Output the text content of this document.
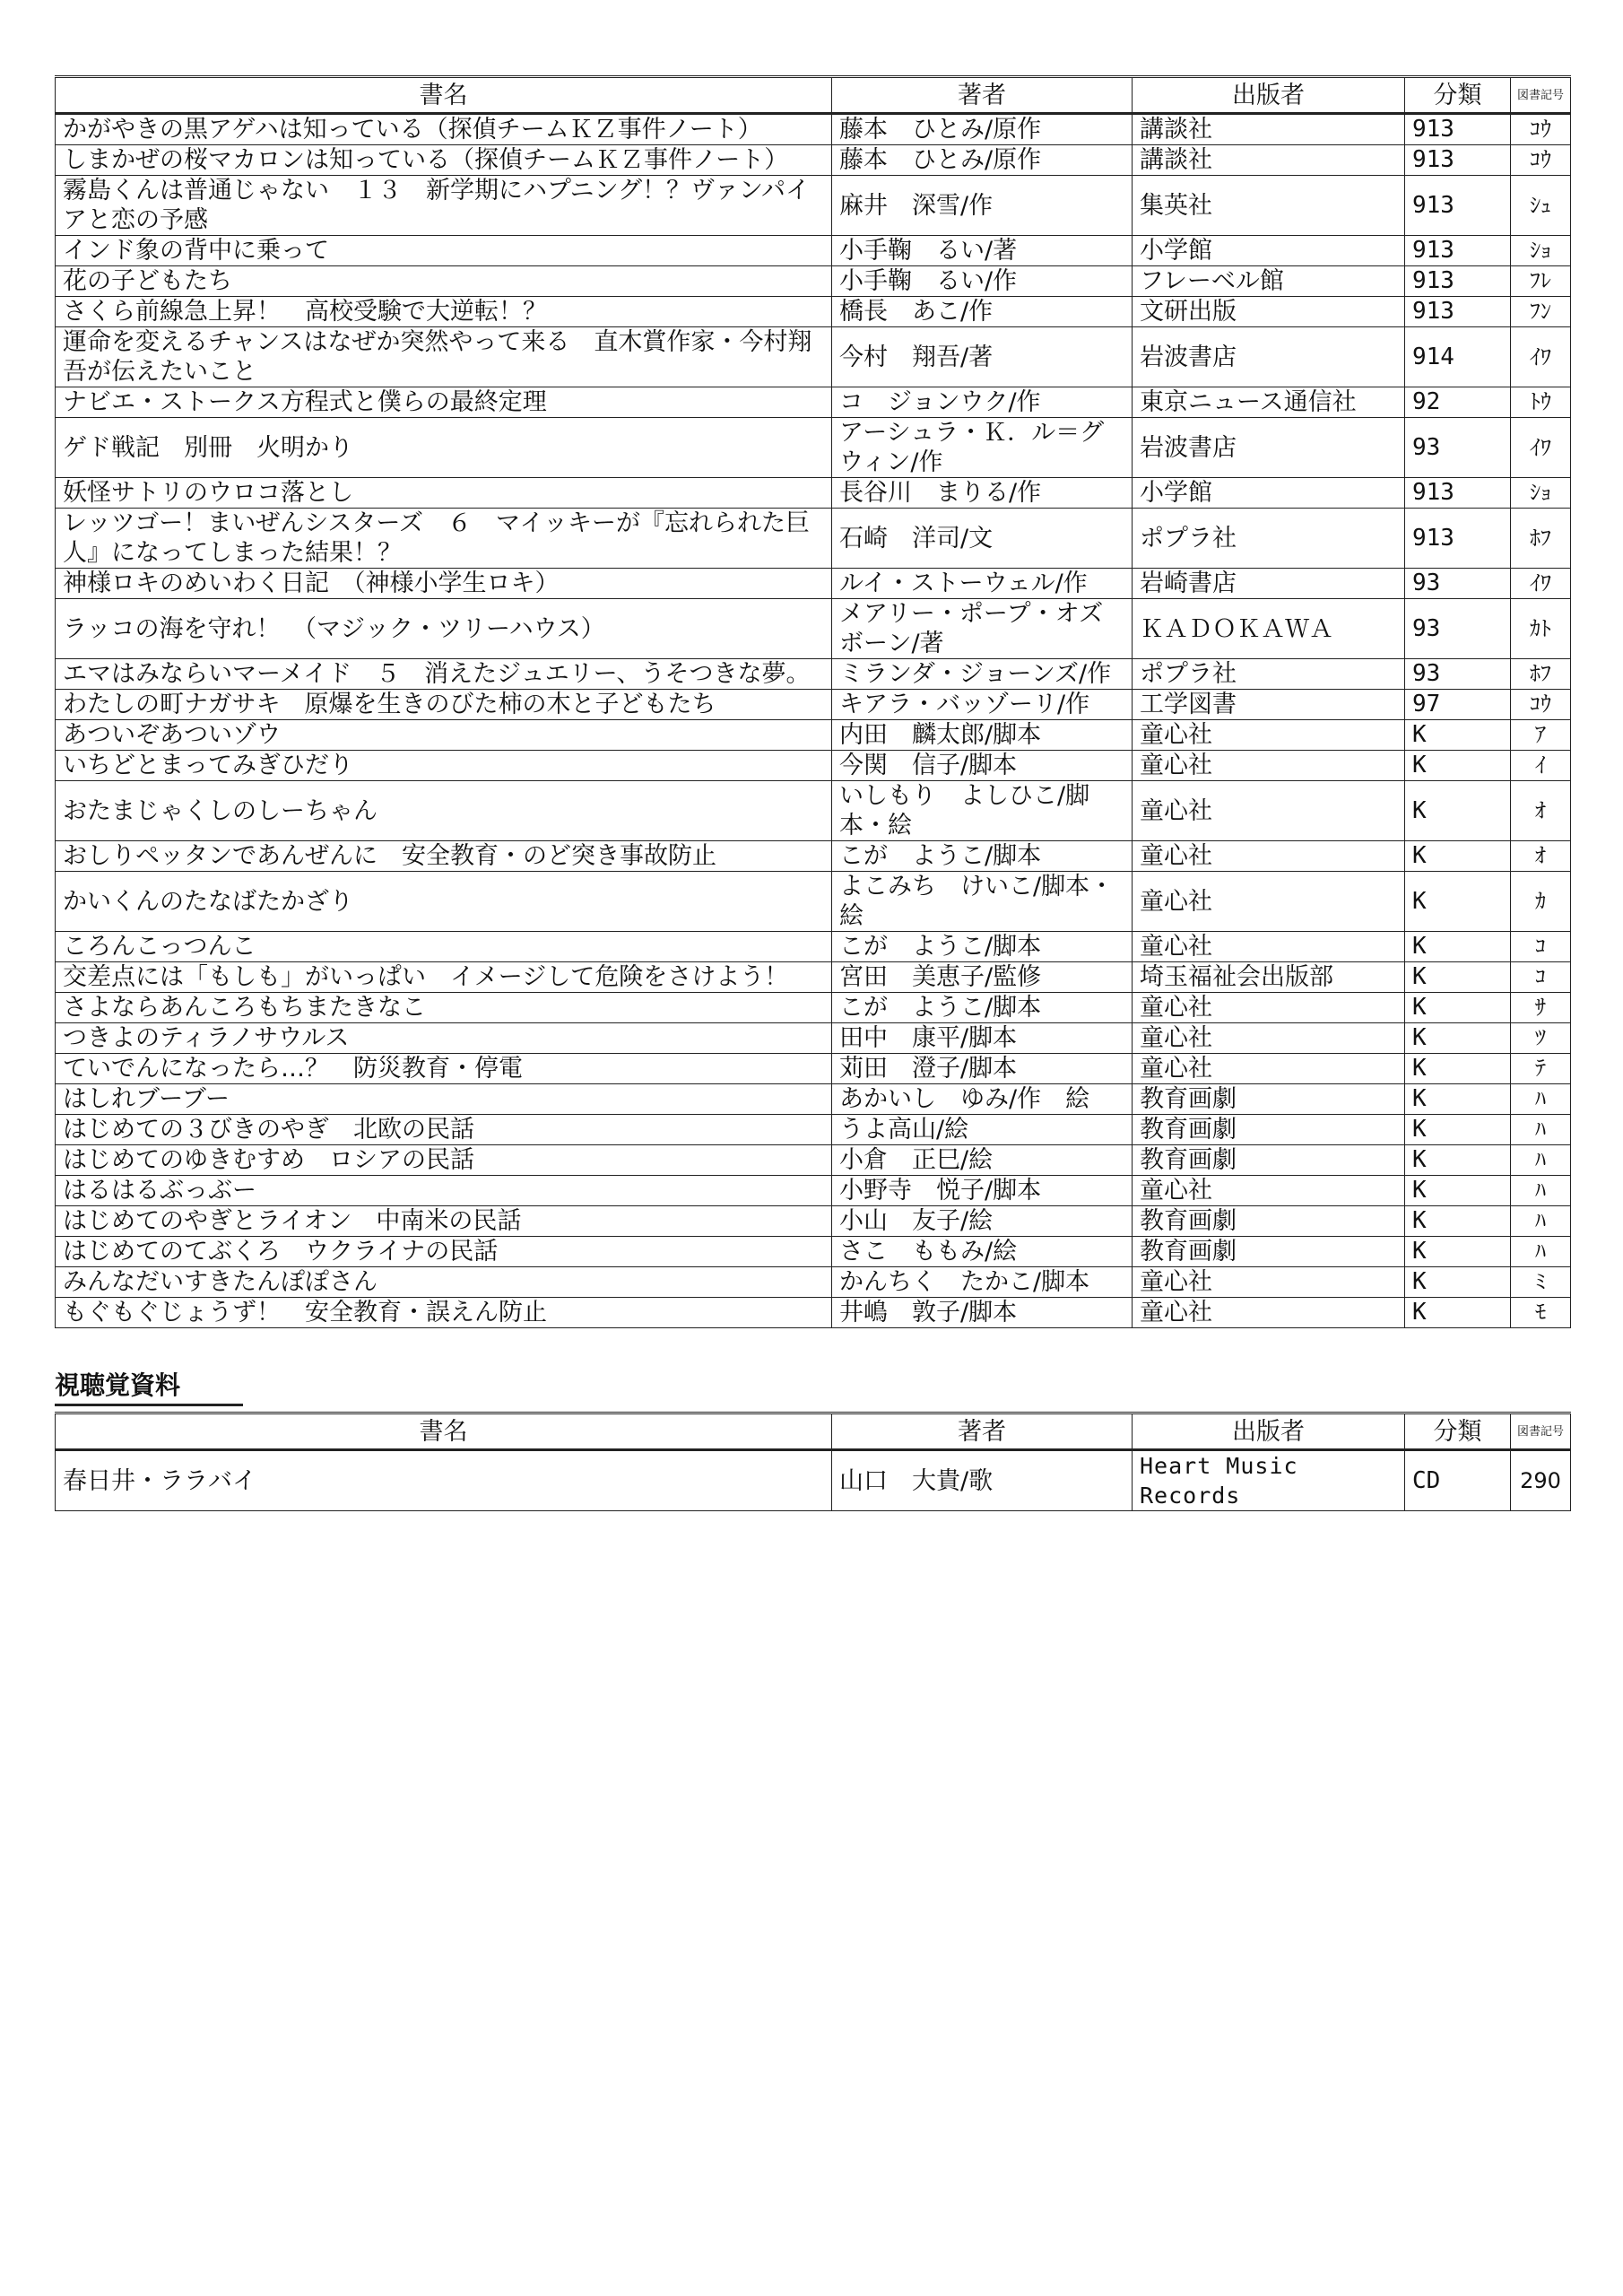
書名	著者	出版者	分類	図書記号
かがやきの黒アゲハは知っている（探偵チームＫＺ事件ノート）	藤本　ひとみ/原作	講談社	913	ｺｳ
しまかぜの桜マカロンは知っている（探偵チームＫＺ事件ノート）	藤本　ひとみ/原作	講談社	913	ｺｳ
霧島くんは普通じゃない　１３　新学期にハプニング！？ヴァンパイアと恋の予感	麻井　深雪/作	集英社	913	ｼｭ
インド象の背中に乗って	小手鞠　るい/著	小学館	913	ｼｮ
花の子どもたち	小手鞠　るい/作	フレーベル館	913	ﾌﾚ
さくら前線急上昇！　高校受験で大逆転！？	橋長　あこ/作	文研出版	913	ﾌﾝ
運命を変えるチャンスはなぜか突然やって来る　直木賞作家・今村翔吾が伝えたいこと	今村　翔吾/著	岩波書店	914	ｲﾜ
ナビエ・ストークス方程式と僕らの最終定理	コ　ジョンウク/作	東京ニュース通信社	92	ﾄｳ
ゲド戦記　別冊　火明かり	アーシュラ・Ｋ．ル＝グウィン/作	岩波書店	93	ｲﾜ
妖怪サトリのウロコ落とし	長谷川　まりる/作	小学館	913	ｼｮ
レッツゴー！まいぜんシスターズ　６　マイッキーが『忘れられた巨人』になってしまった結果！？	石崎　洋司/文	ポプラ社	913	ﾎﾌ
神様ロキのめいわく日記　（神様小学生ロキ）	ルイ・ストーウェル/作	岩崎書店	93	ｲﾜ
ラッコの海を守れ！　（マジック・ツリーハウス）	メアリー・ポープ・オズボーン/著	ＫＡＤＯＫＡＷＡ	93	ｶﾄ
エマはみならいマーメイド　５　消えたジュエリー、うそつきな夢。	ミランダ・ジョーンズ/作	ポプラ社	93	ﾎﾌ
わたしの町ナガサキ　原爆を生きのびた柿の木と子どもたち	キアラ・バッゾーリ/作	工学図書	97	ｺｳ
あついぞあついゾウ	内田　麟太郎/脚本	童心社	K	ｱ
いちどとまってみぎひだり	今関　信子/脚本	童心社	K	ｲ
おたまじゃくしのしーちゃん	いしもり　よしひこ/脚本・絵	童心社	K	ｵ
おしりペッタンであんぜんに　安全教育・のど突き事故防止	こが　ようこ/脚本	童心社	K	ｵ
かいくんのたなばたかざり	よこみち　けいこ/脚本・絵	童心社	K	ｶ
ころんこっつんこ	こが　ようこ/脚本	童心社	K	ｺ
交差点には「もしも」がいっぱい　イメージして危険をさけよう！	宮田　美恵子/監修	埼玉福祉会出版部	K	ｺ
さよならあんころもちまたきなこ	こが　ようこ/脚本	童心社	K	ｻ
つきよのティラノサウルス	田中　康平/脚本	童心社	K	ﾂ
ていでんになったら…？　防災教育・停電	苅田　澄子/脚本	童心社	K	ﾃ
はしれブーブー	あかいし　ゆみ/作　絵	教育画劇	K	ﾊ
はじめての３びきのやぎ　北欧の民話	うよ高山/絵	教育画劇	K	ﾊ
はじめてのゆきむすめ　ロシアの民話	小倉　正巳/絵	教育画劇	K	ﾊ
はるはるぶっぶー	小野寺　悦子/脚本	童心社	K	ﾊ
はじめてのやぎとライオン　中南米の民話	小山　友子/絵	教育画劇	K	ﾊ
はじめてのてぶくろ　ウクライナの民話	さこ　ももみ/絵	教育画劇	K	ﾊ
みんなだいすきたんぽぽさん	かんちく　たかこ/脚本	童心社	K	ﾐ
もぐもぐじょうず！　安全教育・誤えん防止	井嶋　敦子/脚本	童心社	K	ﾓ
視聴覚資料
書名	著者	出版者	分類	図書記号
春日井・ララバイ	山口　大貴/歌	Heart Music Records	CD	290
